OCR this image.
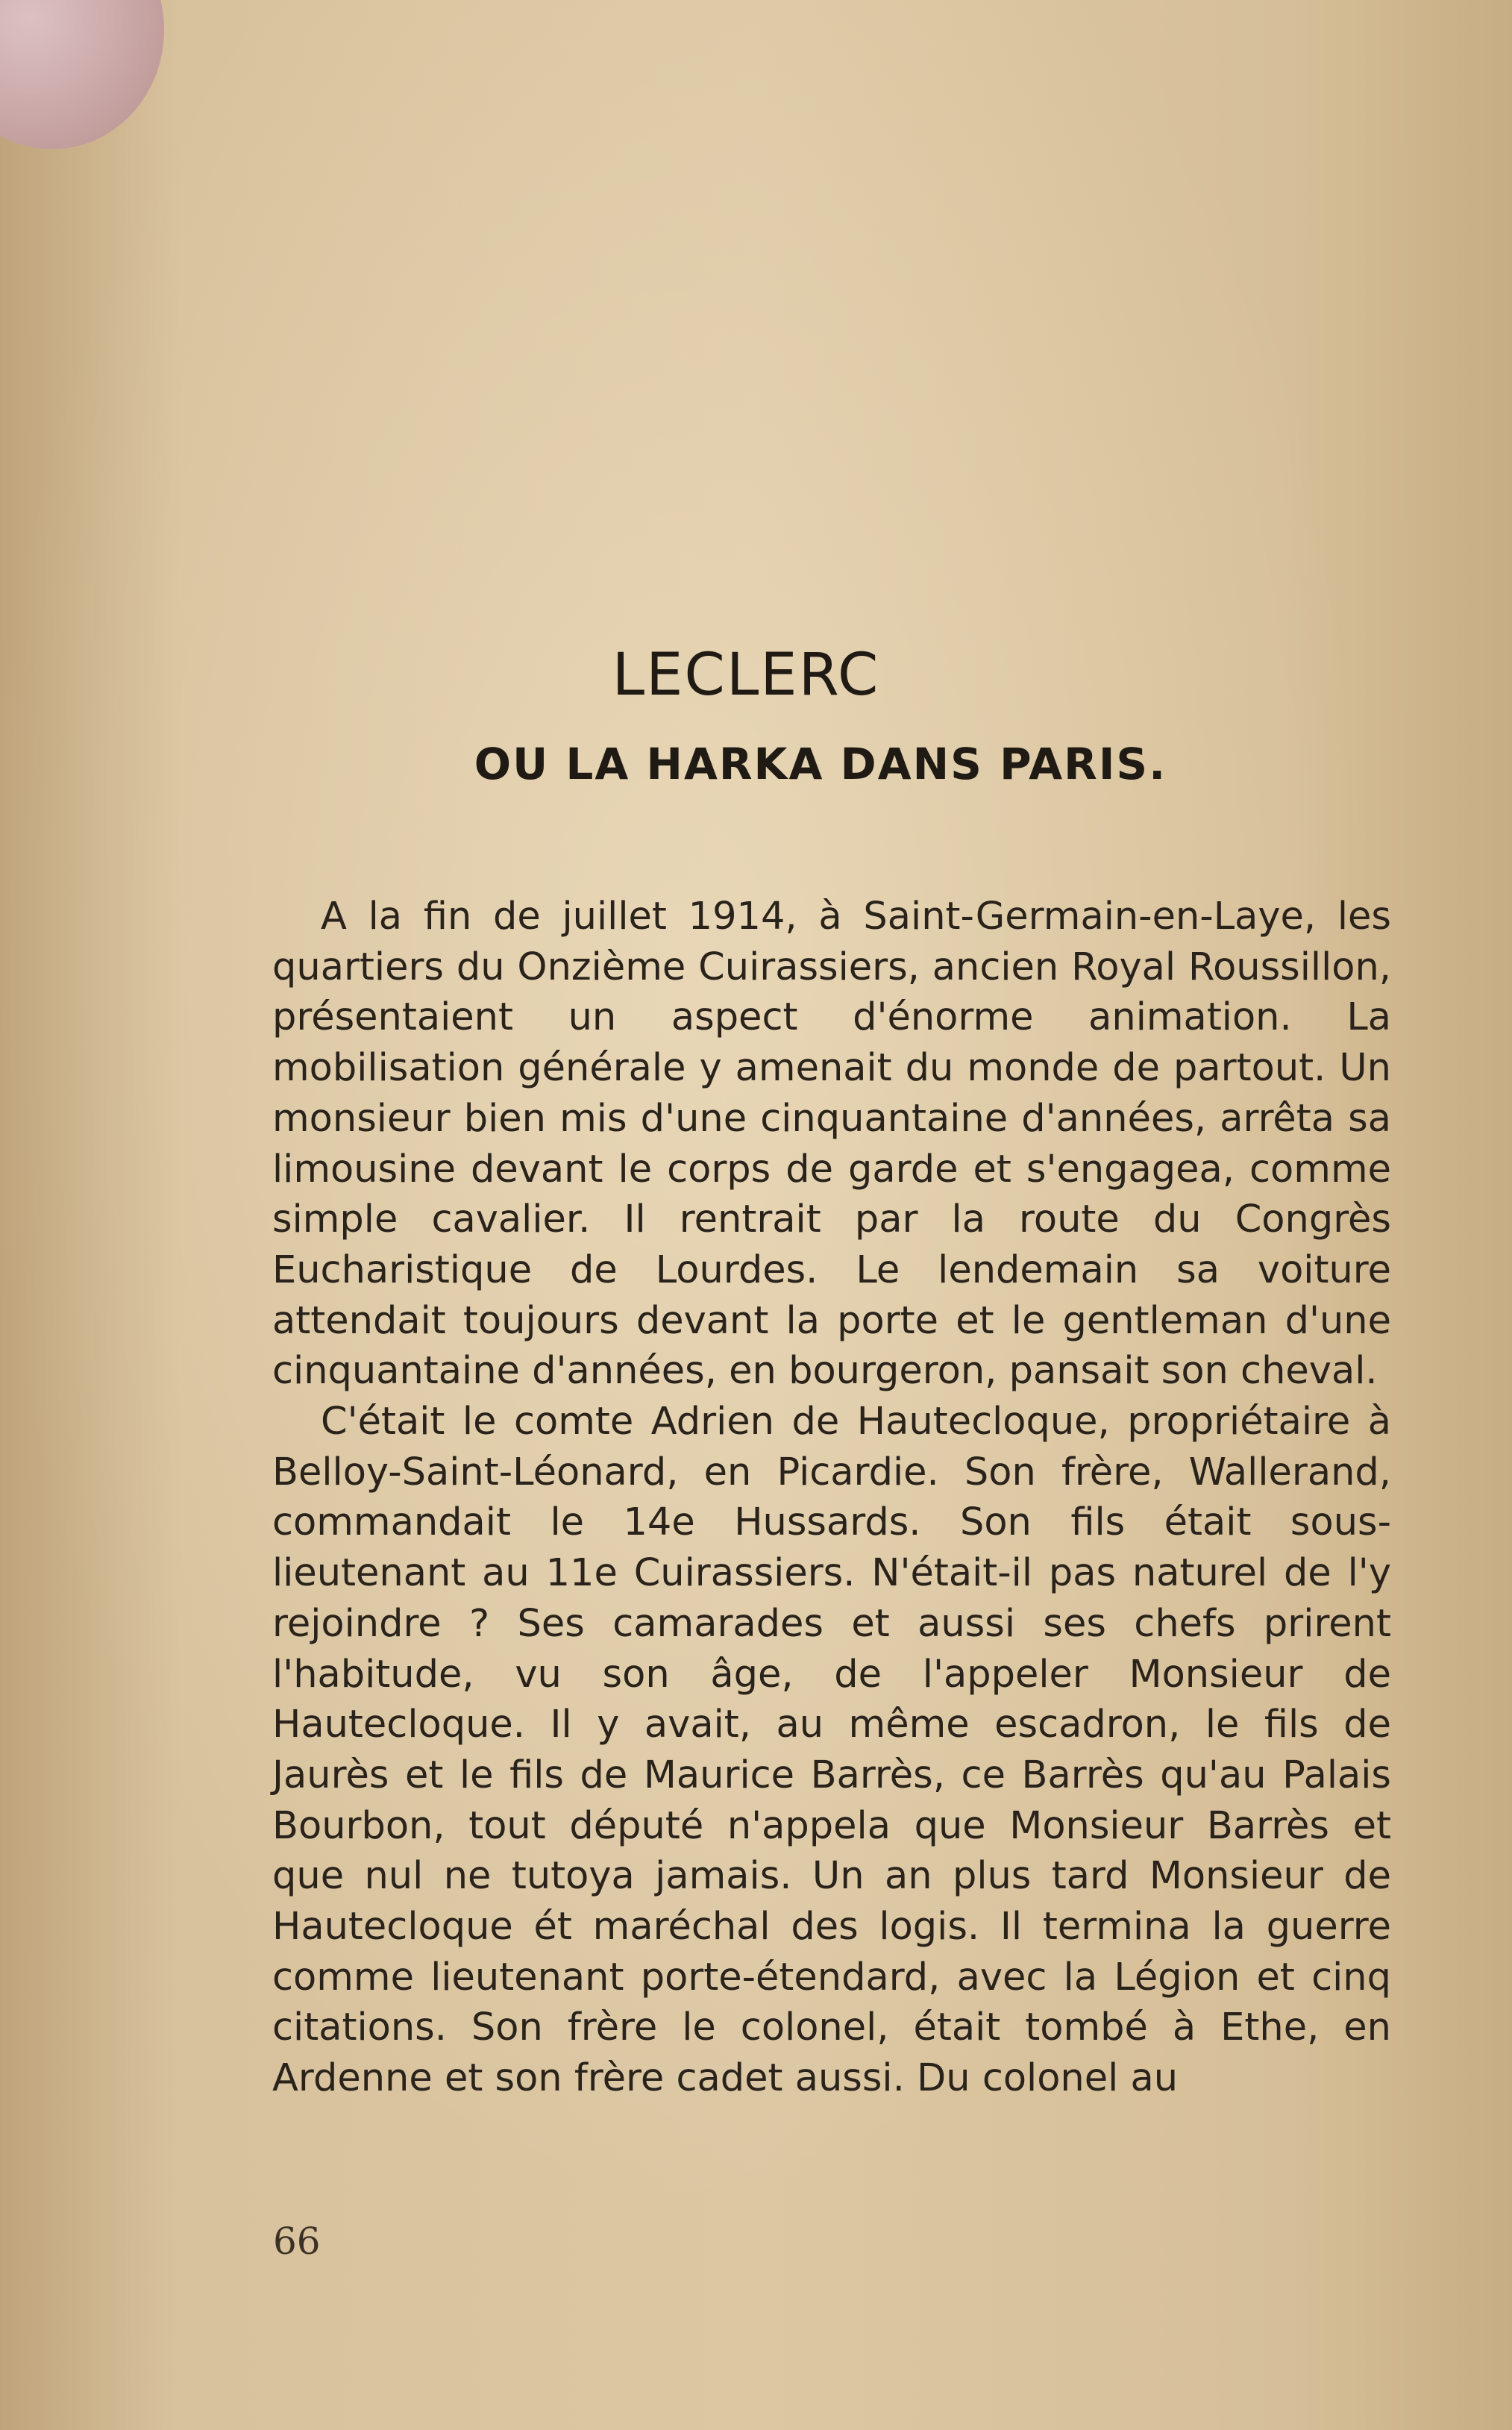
LECLERC
OU LA HARKA DANS PARIS.

A la fin de juillet 1914, à Saint-Germain-en-Laye, les quartiers du Onzième Cuirassiers, ancien Royal Roussillon, présentaient un aspect d'énorme animation. La mobilisation générale y amenait du monde de partout. Un monsieur bien mis d'une cinquantaine d'années, arrêta sa limousine devant le corps de garde et s'engagea, comme simple cavalier. Il rentrait par la route du Congrès Eucharistique de Lourdes. Le lendemain sa voiture attendait toujours devant la porte et le gentleman d'une cinquantaine d'années, en bourgeron, pansait son cheval.

C'était le comte Adrien de Hautecloque, propriétaire à Belloy-Saint-Léonard, en Picardie. Son frère, Wallerand, commandait le 14e Hussards. Son fils était sous-lieutenant au 11e Cuirassiers. N'était-il pas naturel de l'y rejoindre ? Ses camarades et aussi ses chefs prirent l'habitude, vu son âge, de l'appeler Monsieur de Hautecloque. Il y avait, au même escadron, le fils de Jaurès et le fils de Maurice Barrès, ce Barrès qu'au Palais Bourbon, tout député n'appela que Monsieur Barrès et que nul ne tutoya jamais. Un an plus tard Monsieur de Hautecloque ét maréchal des logis. Il termina la guerre comme lieutenant porte-étendard, avec la Légion et cinq citations. Son frère le colonel, était tombé à Ethe, en Ardenne et son frère cadet aussi. Du colonel au

66
